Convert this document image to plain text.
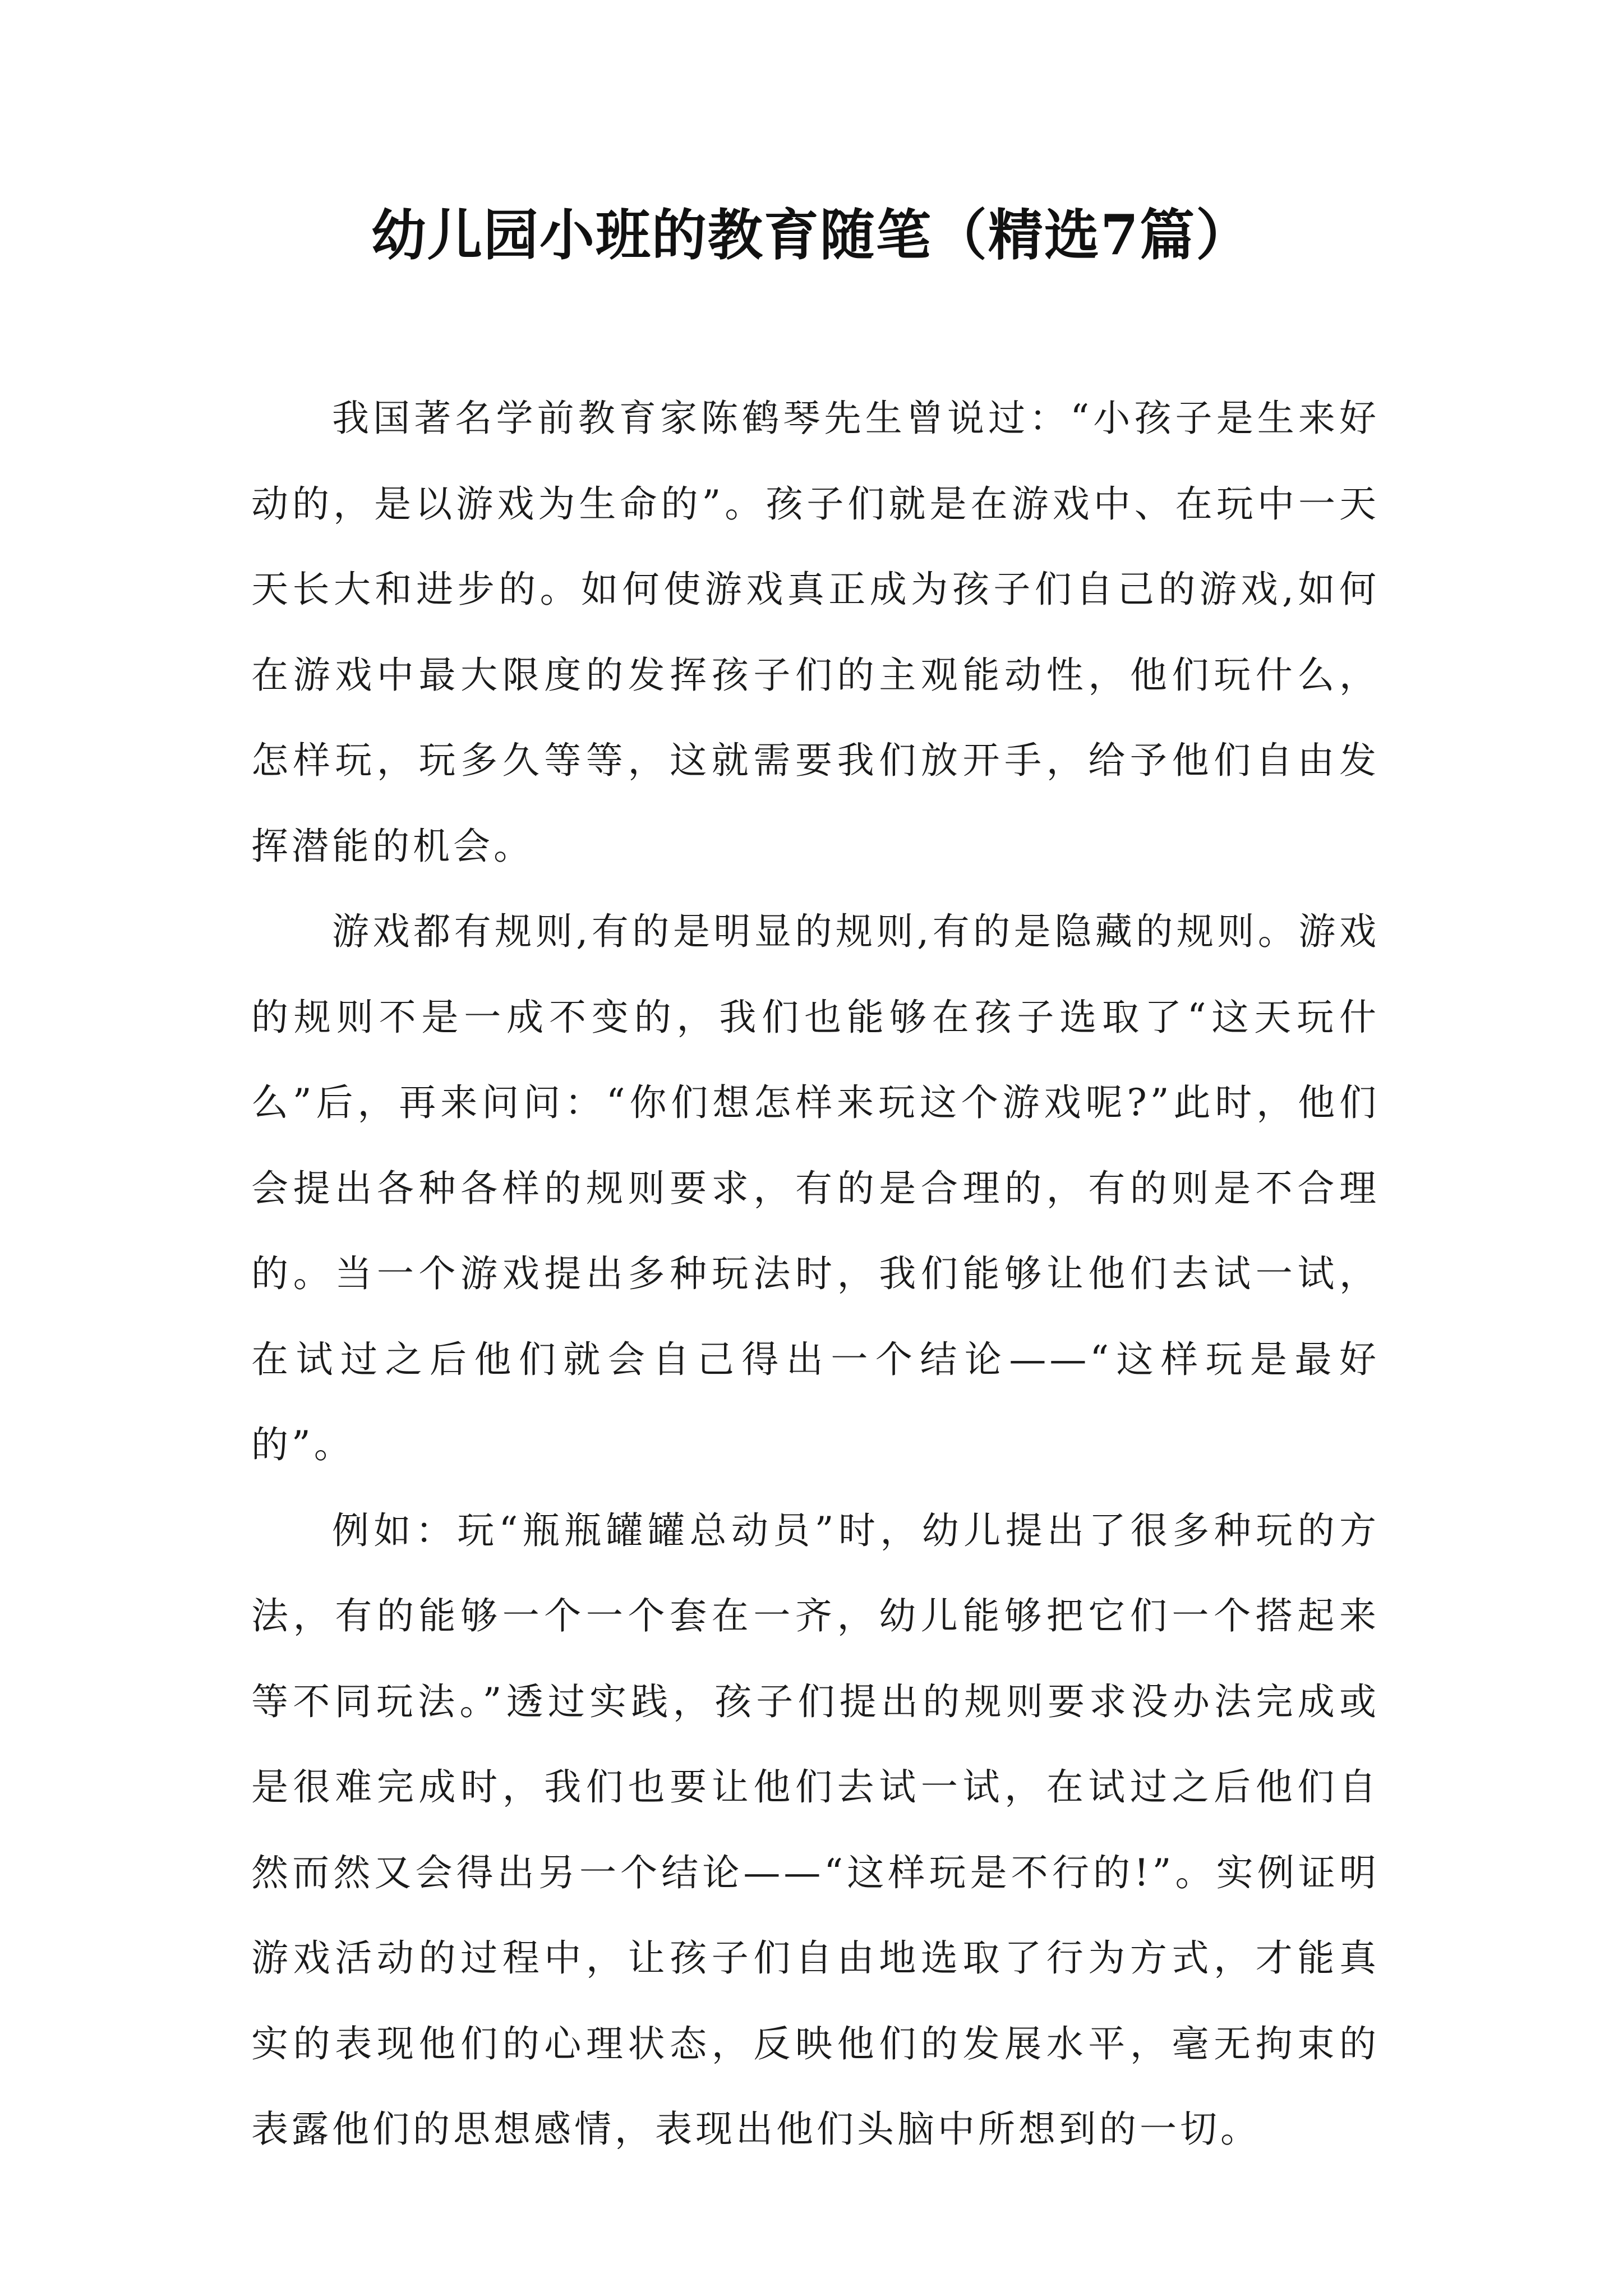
幼儿园小班的教育随笔（精选7篇）

我国著名学前教育家陈鹤琴先生曾说过：“小孩子是生来好动的，是以游戏为生命的”。孩子们就是在游戏中、在玩中一天天长大和进步的。如何使游戏真正成为孩子们自己的游戏,如何在游戏中最大限度的发挥孩子们的主观能动性，他们玩什么，怎样玩，玩多久等等，这就需要我们放开手，给予他们自由发挥潜能的机会。

游戏都有规则,有的是明显的规则,有的是隐藏的规则。游戏的规则不是一成不变的，我们也能够在孩子选取了“这天玩什么”后，再来问问：“你们想怎样来玩这个游戏呢?”此时，他们会提出各种各样的规则要求，有的是合理的，有的则是不合理的。当一个游戏提出多种玩法时，我们能够让他们去试一试，在试过之后他们就会自己得出一个结论——“这样玩是最好的”。

例如：玩“瓶瓶罐罐总动员”时，幼儿提出了很多种玩的方法，有的能够一个一个套在一齐，幼儿能够把它们一个搭起来等不同玩法。”透过实践，孩子们提出的规则要求没办法完成或是很难完成时，我们也要让他们去试一试，在试过之后他们自然而然又会得出另一个结论——“这样玩是不行的!”。实例证明游戏活动的过程中，让孩子们自由地选取了行为方式，才能真实的表现他们的心理状态，反映他们的发展水平，毫无拘束的表露他们的思想感情，表现出他们头脑中所想到的一切。
